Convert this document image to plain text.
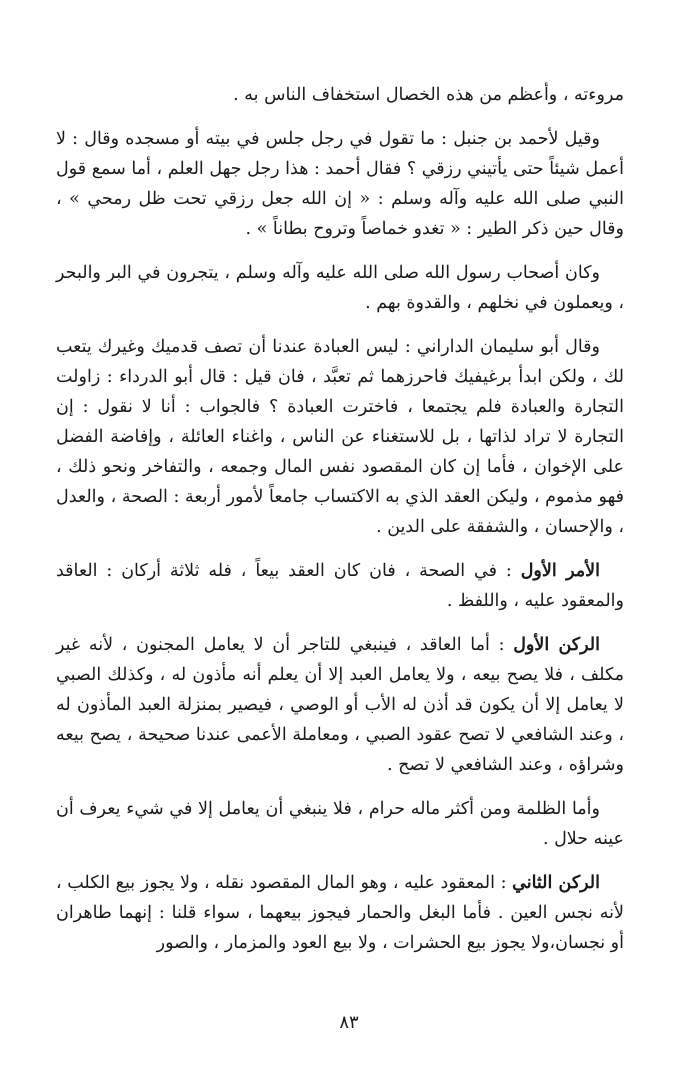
مروءته ، وأعظم من هذه الخصال استخفاف الناس به .

وقيل لأحمد بن جنبل : ما تقول في رجل جلس في بيته أو مسجده وقال : لا أعمل شيئاً حتى يأتيني رزقي ؟ فقال أحمد : هذا رجل جهل العلم ، أما سمع قول النبي صلى الله عليه وآله وسلم : « إن الله جعل رزقي تحت ظل رمحي » ، وقال حين ذكر الطير : « تغدو خماصاً وتروح بطاناً » .

وكان أصحاب رسول الله صلى الله عليه وآله وسلم ، يتجرون في البر والبحر ، ويعملون في نخلهم ، والقدوة بهم .

وقال أبو سليمان الداراني : ليس العبادة عندنا أن تصف قدميك وغيرك يتعب لك ، ولكن ابدأ برغيفيك فاحرزهما ثم تعبَّد ، فان قيل : قال أبو الدرداء : زاولت التجارة والعبادة فلم يجتمعا ، فاخترت العبادة ؟ فالجواب : أنا لا نقول : إن التجارة لا تراد لذاتها ، بل للاستغناء عن الناس ، واغناء العائلة ، وإفاضة الفضل على الإخوان ، فأما إن كان المقصود نفس المال وجمعه ، والتفاخر ونحو ذلك ، فهو مذموم ، وليكن العقد الذي به الاكتساب جامعاً لأمور أربعة : الصحة ، والعدل ، والإحسان ، والشفقة على الدين .

الأمر الأول : في الصحة ، فان كان العقد بيعاً ، فله ثلاثة أركان : العاقد والمعقود عليه ، واللفظ .

الركن الأول : أما العاقد ، فينبغي للتاجر أن لا يعامل المجنون ، لأنه غير مكلف ، فلا يصح بيعه ، ولا يعامل العبد إلا أن يعلم أنه مأذون له ، وكذلك الصبي لا يعامل إلا أن يكون قد أذن له الأب أو الوصي ، فيصير بمنزلة العبد المأذون له ، وعند الشافعي لا تصح عقود الصبي ، ومعاملة الأعمى عندنا صحيحة ، يصح بيعه وشراؤه ، وعند الشافعي لا تصح .

وأما الظلمة ومن أكثر ماله حرام ، فلا ينبغي أن يعامل إلا في شيء يعرف أن عينه حلال .

الركن الثاني : المعقود عليه ، وهو المال المقصود نقله ، ولا يجوز بيع الكلب ، لأنه نجس العين . فأما البغل والحمار فيجوز بيعهما ، سواء قلنا : إنهما طاهران أو نجسان،ولا يجوز بيع الحشرات ، ولا بيع العود والمزمار ، والصور

٨٣
